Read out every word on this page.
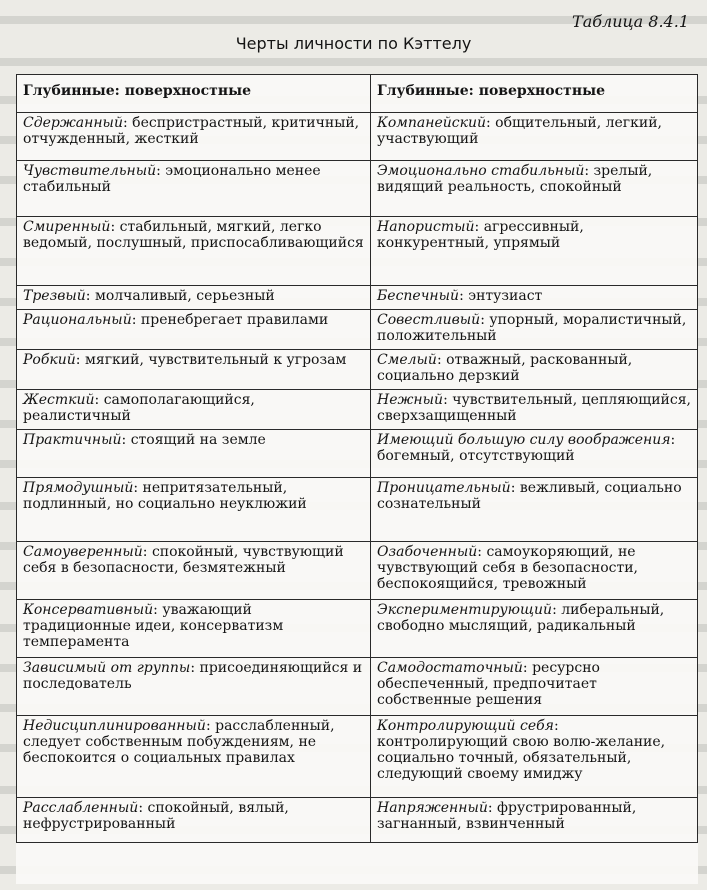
Таблица 8.4.1
Черты личности по Кэттелу
Глубинные: поверхностные	Глубинные: поверхностные
Сдержанный: беспристрастный, критичный, отчужденный, жесткий	Компанейский: общительный, легкий, участвующий
Чувствительный: эмоционально менее стабильный	Эмоционально стабильный: зрелый, видящий реальность, спокойный
Смиренный: стабильный, мягкий, легко ведомый, послушный, приспосабливающийся	Напористый: агрессивный, конкурентный, упрямый
Трезвый: молчаливый, серьезный	Беспечный: энтузиаст
Рациональный: пренебрегает правилами	Совестливый: упорный, моралистичный, положительный
Робкий: мягкий, чувствительный к угрозам	Смелый: отважный, раскованный, социально дерзкий
Жесткий: самополагающийся, реалистичный	Нежный: чувствительный, цепляющийся, сверхзащищенный
Практичный: стоящий на земле	Имеющий большую силу воображения: богемный, отсутствующий
Прямодушный: непритязательный, подлинный, но социально неуклюжий	Проницательный: вежливый, социально сознательный
Самоуверенный: спокойный, чувствующий себя в безопасности, безмятежный	Озабоченный: самоукоряющий, не чувствующий себя в безопасности, беспокоящийся, тревожный
Консервативный: уважающий традиционные идеи, консерватизм темперамента	Экспериментирующий: либеральный, свободно мыслящий, радикальный
Зависимый от группы: присоединяющийся и последователь	Самодостаточный: ресурсно обеспеченный, предпочитает собственные решения
Недисциплинированный: расслабленный, следует собственным побуждениям, не беспокоится о социальных правилах	Контролирующий себя: контролирующий свою волю-желание, социально точный, обязательный, следующий своему имиджу
Расслабленный: спокойный, вялый, нефрустрированный	Напряженный: фрустрированный, загнанный, взвинченный
